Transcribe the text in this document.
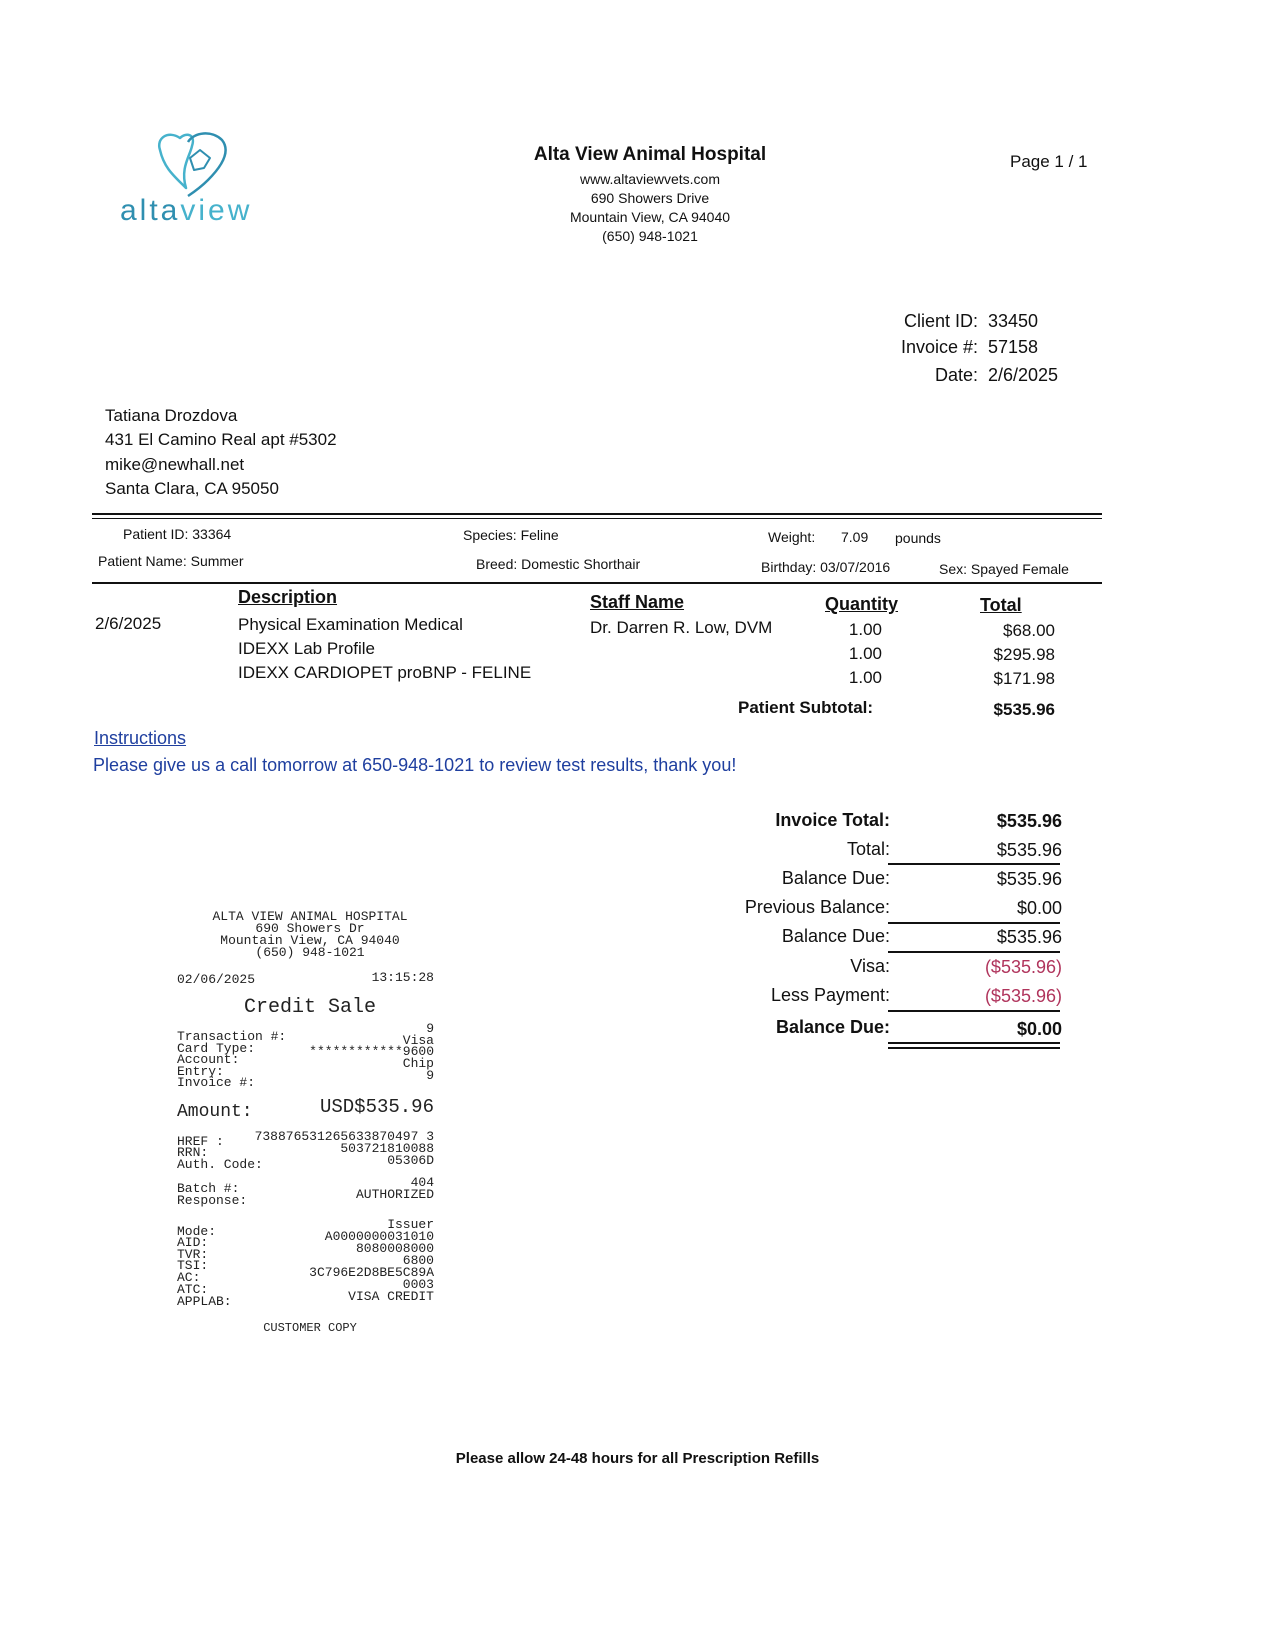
altaview
Alta View Animal Hospital
www.altaviewvets.com
690 Showers Drive
Mountain View, CA 94040
(650) 948-1021
Page 1 / 1
Client ID: 33450
Invoice #: 57158
Date: 2/6/2025
Tatiana Drozdova
431 El Camino Real apt #5302
mike@newhall.net
Santa Clara, CA 95050
Patient ID: 33364	Species: Feline	Weight: 7.09 pounds
Patient Name: Summer	Breed: Domestic Shorthair	Birthday: 03/07/2016	Sex: Spayed Female
Description	Staff Name	Quantity	Total
2/6/2025	Physical Examination Medical	Dr. Darren R. Low, DVM	1.00	$68.00
IDEXX Lab Profile	1.00	$295.98
IDEXX CARDIOPET proBNP - FELINE	1.00	$171.98
Patient Subtotal:	$535.96
Instructions
Please give us a call tomorrow at 650-948-1021 to review test results, thank you!
Invoice Total:	$535.96
Total:	$535.96
Balance Due:	$535.96
Previous Balance:	$0.00
Balance Due:	$535.96
Visa:	($535.96)
Less Payment:	($535.96)
Balance Due:	$0.00
ALTA VIEW ANIMAL HOSPITAL
690 Showers Dr
Mountain View, CA 94040
(650) 948-1021
02/06/2025	13:15:28
Credit Sale
Transaction #:
9
Card Type:
Visa
Account:
************9600
Entry:
Chip
Invoice #:	9
Amount:	USD$535.96
HREF : 738876531265633870497 3
RRN:	503721810088
Auth. Code:	05306D
Batch #:	404
Response:	AUTHORIZED
Mode:	Issuer
AID:	A0000000031010
TVR:	8080008000
TSI:	6800
AC:	3C796E2D8BE5C89A
ATC:	0003
APPLAB:	VISA CREDIT
CUSTOMER COPY
Please allow 24-48 hours for all Prescription Refills
